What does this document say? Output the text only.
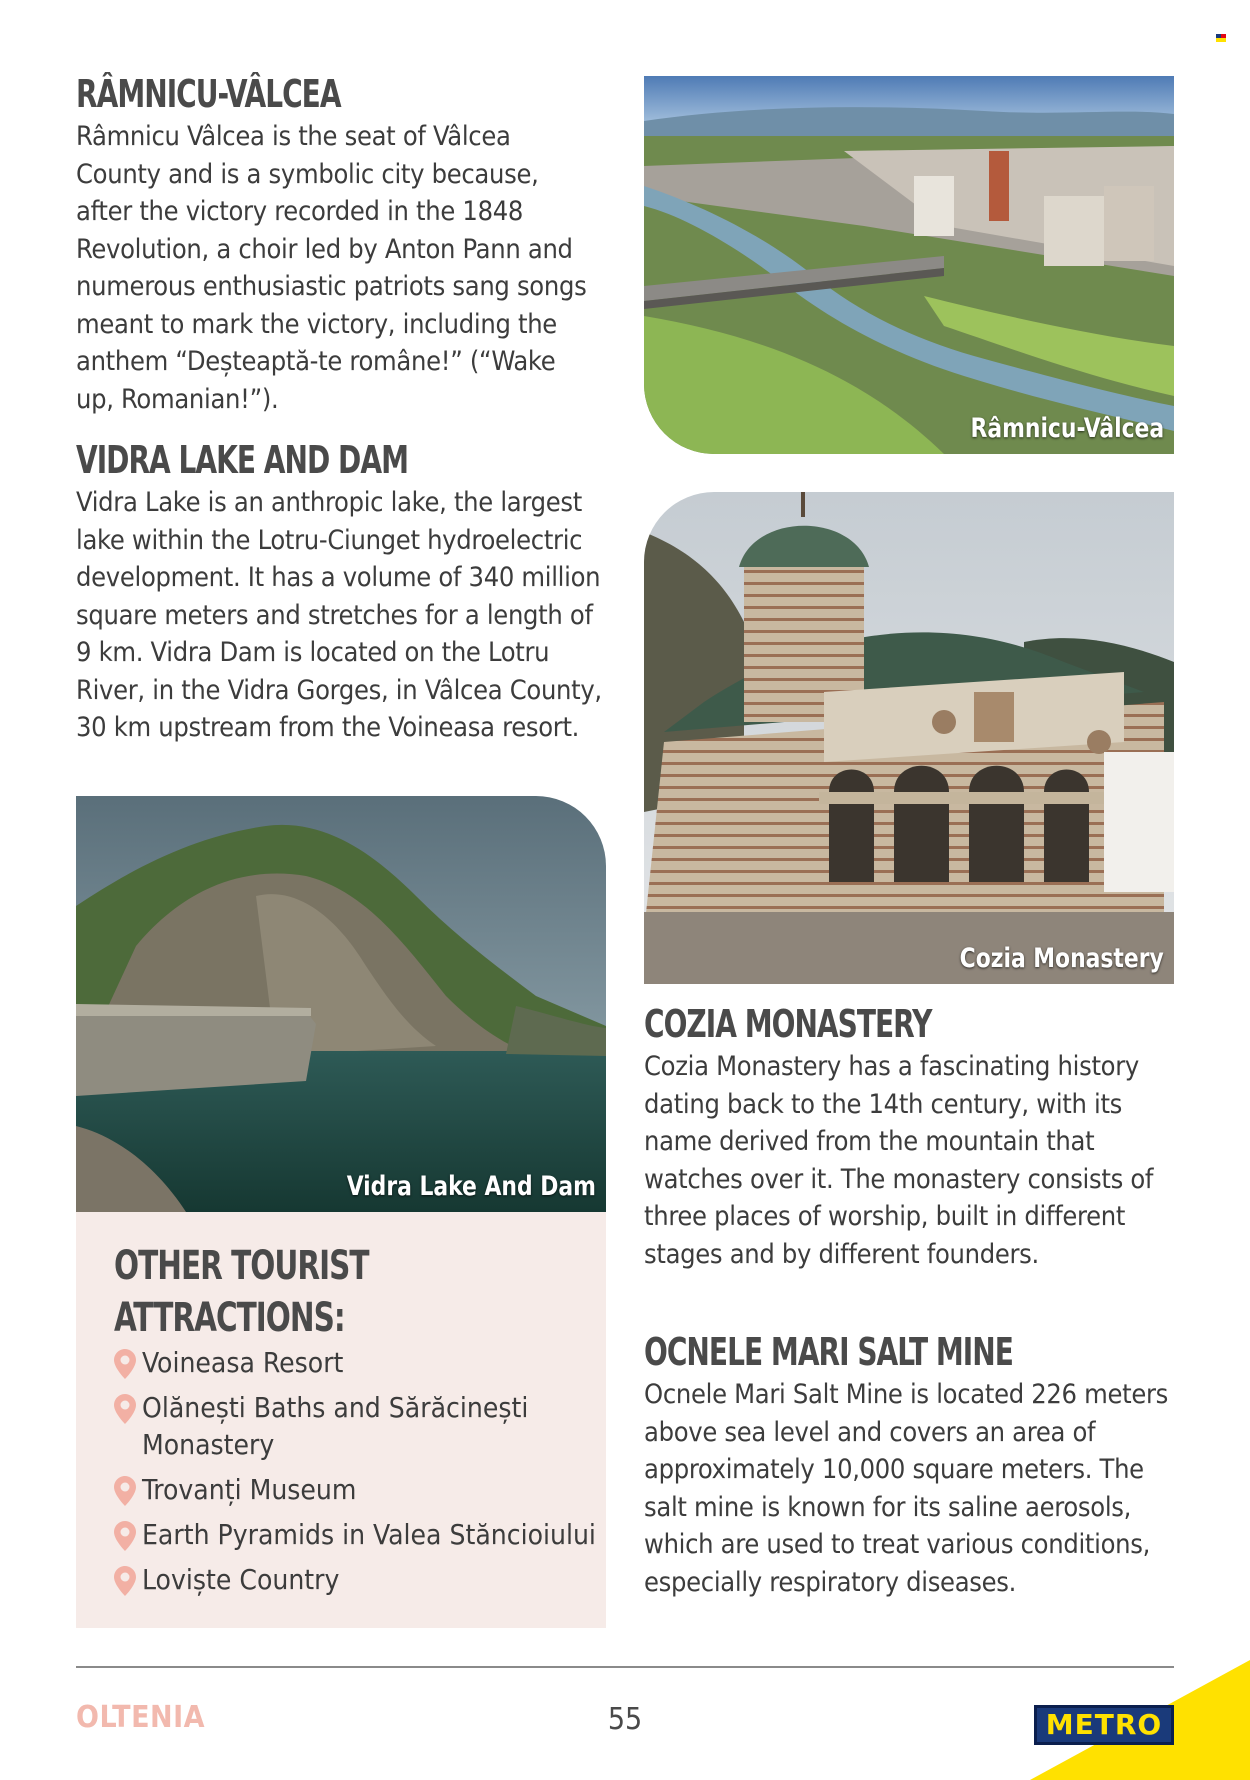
RÂMNICU-VÂLCEA

Râmnicu Vâlcea is the seat of Vâlcea County and is a symbolic city because, after the victory recorded in the 1848 Revolution, a choir led by Anton Pann and numerous enthusiastic patriots sang songs meant to mark the victory, including the anthem “Deșteaptă-te române!” (“Wake up, Romanian!”).

VIDRA LAKE AND DAM

Vidra Lake is an anthropic lake, the largest lake within the Lotru-Ciunget hydroelectric development. It has a volume of 340 million square meters and stretches for a length of 9 km. Vidra Dam is located on the Lotru River, in the Vidra Gorges, in Vâlcea County, 30 km upstream from the Voineasa resort.

Vidra Lake And Dam
OTHER TOURIST
ATTRACTIONS:
Voineasa Resort
Olănești Baths and Sărăcinești Monastery
Trovanți Museum
Earth Pyramids in Valea Stăncioiului
Loviște Country
Râmnicu-Vâlcea
Cozia Monastery
COZIA MONASTERY

Cozia Monastery has a fascinating history dating back to the 14th century, with its name derived from the mountain that watches over it. The monastery consists of three places of worship, built in different stages and by different founders.

OCNELE MARI SALT MINE

Ocnele Mari Salt Mine is located 226 meters above sea level and covers an area of approximately 10,000 square meters. The salt mine is known for its saline aerosols, which are used to treat various conditions, especially respiratory diseases.

OLTENIA	55	METRO
